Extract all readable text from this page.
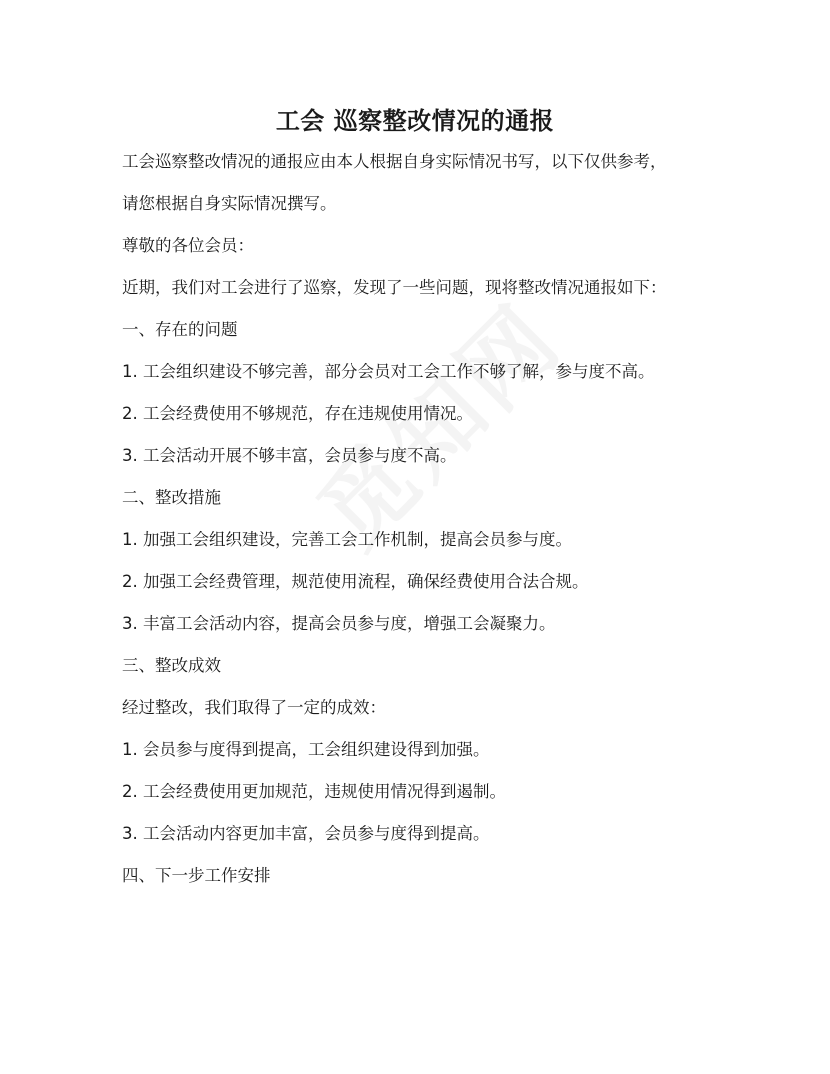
工会 巡察整改情况的通报
工会巡察整改情况的通报应由本人根据自身实际情况书写，以下仅供参考，
请您根据自身实际情况撰写。
尊敬的各位会员：
近期，我们对工会进行了巡察，发现了一些问题，现将整改情况通报如下：
一、存在的问题
1. 工会组织建设不够完善，部分会员对工会工作不够了解，参与度不高。
2. 工会经费使用不够规范，存在违规使用情况。
3. 工会活动开展不够丰富，会员参与度不高。
二、整改措施
1. 加强工会组织建设，完善工会工作机制，提高会员参与度。
2. 加强工会经费管理，规范使用流程，确保经费使用合法合规。
3. 丰富工会活动内容，提高会员参与度，增强工会凝聚力。
三、整改成效
经过整改，我们取得了一定的成效：
1. 会员参与度得到提高，工会组织建设得到加强。
2. 工会经费使用更加规范，违规使用情况得到遏制。
3. 工会活动内容更加丰富，会员参与度得到提高。
四、下一步工作安排
